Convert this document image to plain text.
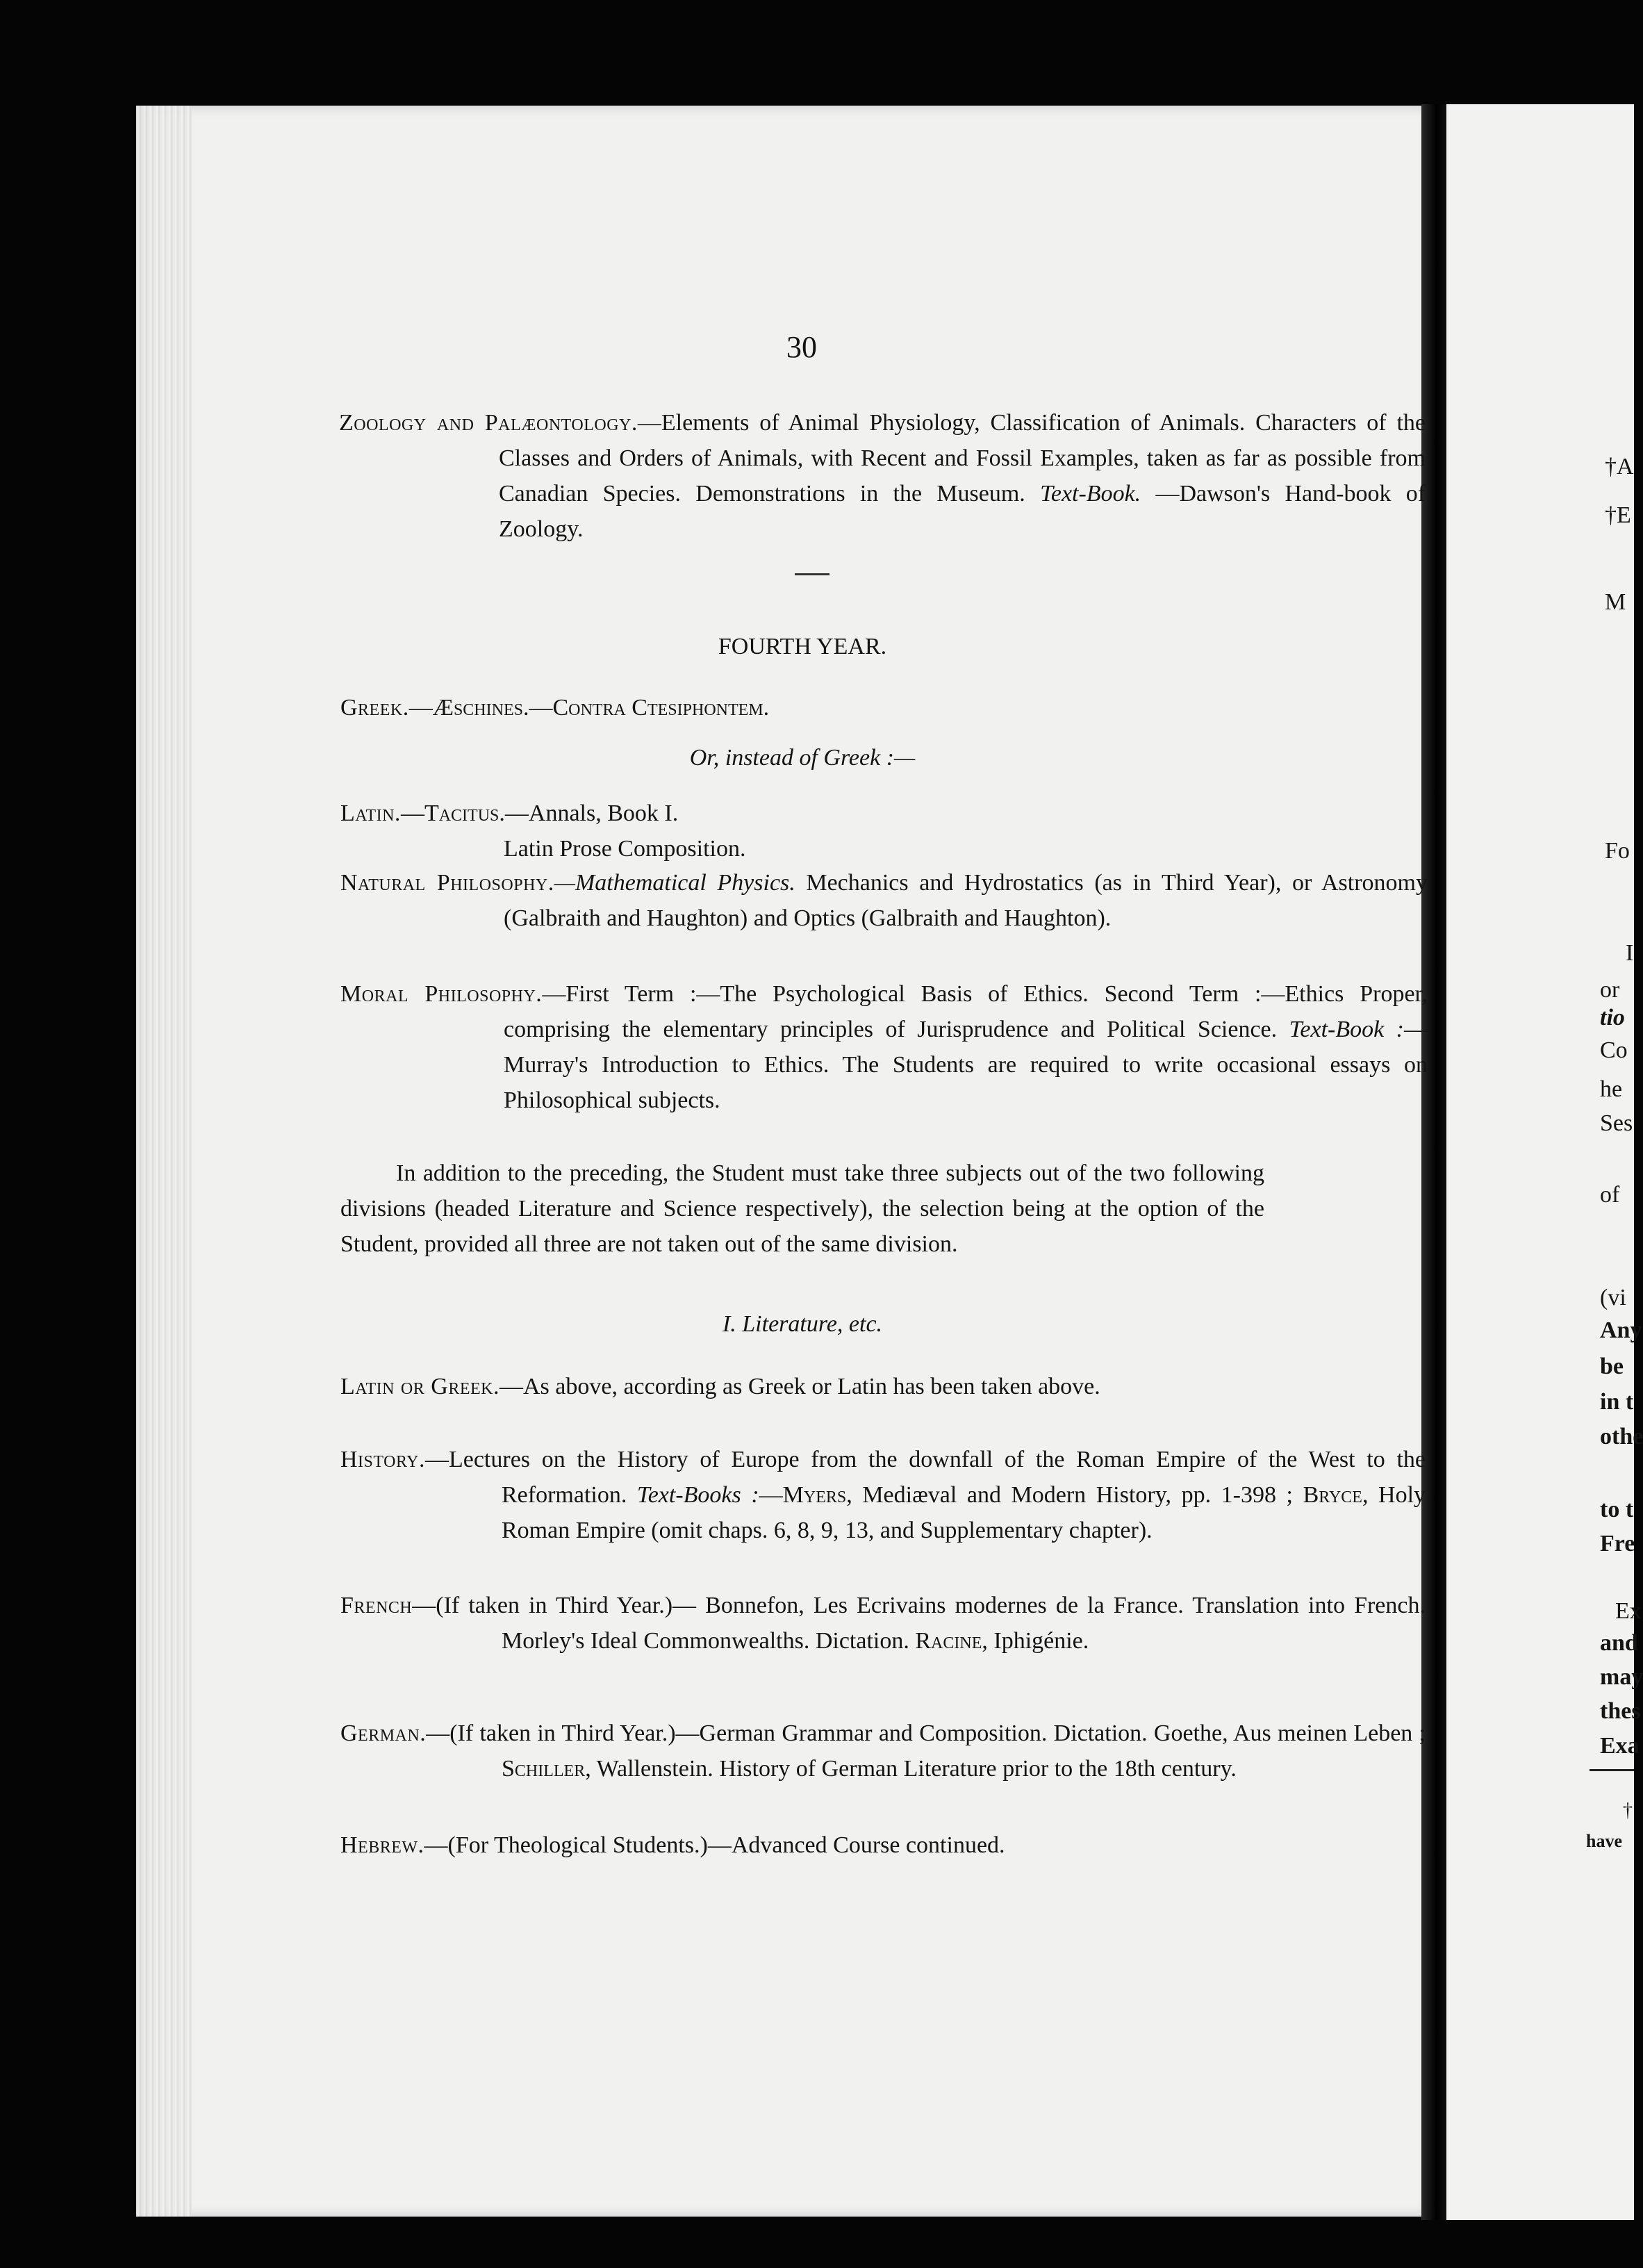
30
Zoology and Palæontology.—Elements of Animal Physiology, Classification of Animals. Characters of the Classes and Orders of Animals, with Recent and Fossil Examples, taken as far as possible from Canadian Species. Demonstrations in the Museum. Text-Book. —Dawson's Hand-book of Zoology.
FOURTH YEAR.
Greek.—Æschines.—Contra Ctesiphontem.
Or, instead of Greek :—
Latin.—Tacitus.—Annals, Book I.
Latin Prose Composition.
Natural Philosophy.—Mathematical Physics. Mechanics and Hydrostatics (as in Third Year), or Astronomy (Galbraith and Haughton) and Optics (Galbraith and Haughton).
Moral Philosophy.—First Term :—The Psychological Basis of Ethics. Second Term :—Ethics Proper, comprising the elementary principles of Jurisprudence and Political Science. Text-Book :—Murray's Introduction to Ethics. The Students are required to write occasional essays on Philosophical subjects.
In addition to the preceding, the Student must take three subjects out of the two following divisions (headed Literature and Science respectively), the selection being at the option of the Student, provided all three are not taken out of the same division.
I. Literature, etc.
Latin or Greek.—As above, according as Greek or Latin has been taken above.
History.—Lectures on the History of Europe from the downfall of the Roman Empire of the West to the Reformation. Text-Books :—Myers, Mediæval and Modern History, pp. 1-398 ; Bryce, Holy Roman Empire (omit chaps. 6, 8, 9, 13, and Supplementary chapter).
French—(If taken in Third Year.)— Bonnefon, Les Ecrivains modernes de la France. Translation into French. Morley's Ideal Commonwealths. Dictation. Racine, Iphigénie.
German.—(If taken in Third Year.)—German Grammar and Composition. Dictation. Goethe, Aus meinen Leben ; Schiller, Wallenstein. History of German Literature prior to the 18th century.
Hebrew.—(For Theological Students.)—Advanced Course continued.
†A
†E
M
Fo
I
or
tio
Co
he
Ses
of
(vi
Any
be
in t
othe
to t
Fre
Ex
and
may
thes
Exa
†
have
